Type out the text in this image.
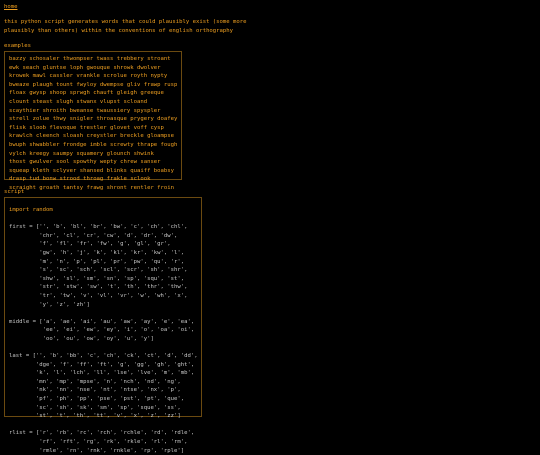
home
this python script generates words that could plausibly exist (some more plausibly than others) within the conventions of english orthography
examples
bazzy schosaler thwompser twass trebbery stroant
ewk seach gluntse loph gwouque shrowk dwolver
krowek mawl cassler vrankle scrolue royth nypty
bweaze plaugh tount fwyloy dwempse gliv frawp rusp
floax gwysp shoop sprwgh chauft gleigh greeque
clount steast slugh stwanx vlupst scloand
scaythier shroith bweanse twaussiery spyspler
strell zolue thwy snigler throasque prygery doafey
flisk sloob flevoque trestler glovet voff cysp
krawlch cleench sloash creystler breckle gloampse
bwuph shwabbler frondge imble screwty thrape fough
vylch kreegy saumpy squamery glounch shwink
thost gwulver sool spowthy wepty chrew sanser
squeap kleth sclyver shansed blinks quaiff boabsy
drasp tud bonw strood throag frakle sclook
scraight groath tantsy frawg shront rentler froin
script
import random

first = ['', 'b', 'bl', 'br', 'bw', 'c', 'ch', 'chl',
'chr', 'cl', 'cr', 'cw', 'd', 'dr', 'dw',
'f', 'fl', 'fr', 'fw', 'g', 'gl', 'gr',
'gw', 'h', 'j', 'k', 'kl', 'kr', 'kw', 'l',
'm', 'n', 'p', 'pl', 'pr', 'pw', 'qu', 'r',
's', 'sc', 'sch', 'scl', 'scr', 'sh', 'shr',
'shw', 'sl', 'sm', 'sn', 'sp', 'squ', 'st',
'str', 'stw', 'sw', 't', 'th', 'thr', 'thw',
'tr', 'tw', 'v', 'vl', 'vr', 'w', 'wh', 'x',
'y', 'z', 'zh']

middle = ['a', 'ae', 'ai', 'au', 'aw', 'ay', 'e', 'ea',
'ee', 'ei', 'ew', 'ey', 'i', 'o', 'oa', 'oi',
'oo', 'ou', 'ow', 'oy', 'u', 'y']

last = ['', 'b', 'bb', 'c', 'ch', 'ck', 'ct', 'd', 'dd',
'dge', 'f', 'ff', 'ft', 'g', 'gg', 'gh', 'ght',
'k', 'l', 'lch', 'll', 'lse', 'lve', 'm', 'mb',
'mn', 'mp', 'mpse', 'n', 'nch', 'nd', 'ng',
'nk', 'nn', 'nse', 'nt', 'ntse', 'nx', 'p',
'pf', 'ph', 'pp', 'pse', 'pst', 'pt', 'que',
'sc', 'sh', 'sk', 'sm', 'sp', 'sque', 'ss',
'st', 't', 'th', 'tt', 'v', 'x', 'z', 'zz']

rlist = ['r', 'rb', 'rc', 'rch', 'rchle', 'rd', 'rdle',
'rf', 'rft', 'rg', 'rk', 'rkle', 'rl', 'rm',
'rmle', 'rn', 'rnk', 'rnkle', 'rp', 'rple']
